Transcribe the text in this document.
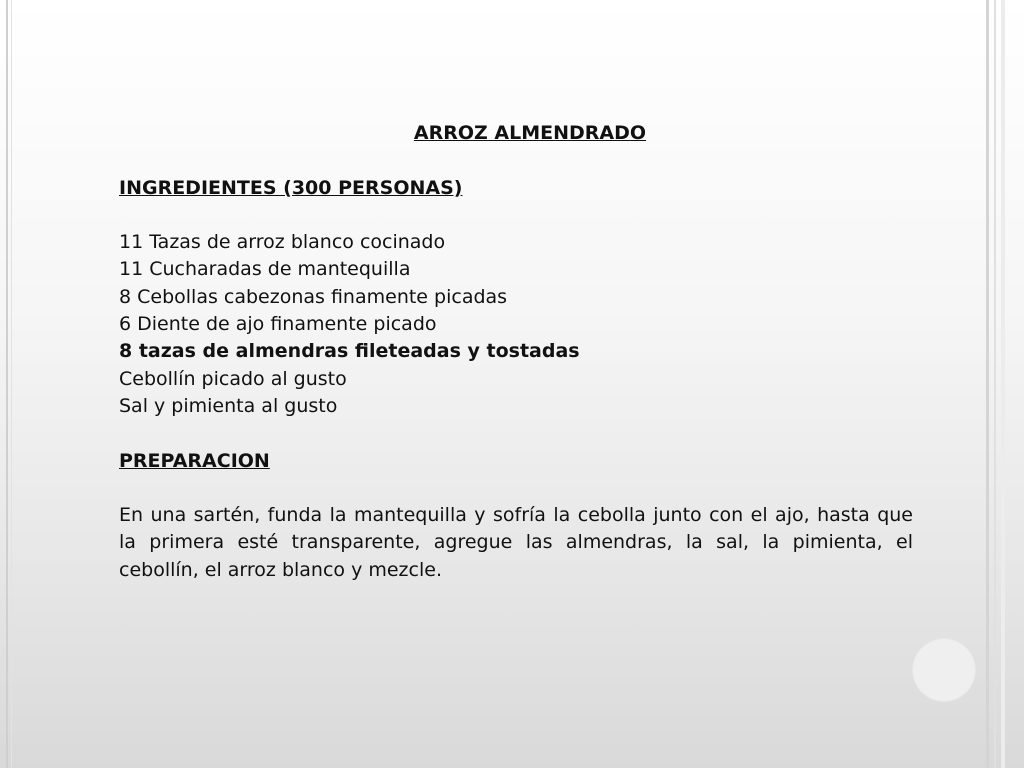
ARROZ ALMENDRADO
INGREDIENTES (300 PERSONAS)
11 Tazas de arroz blanco cocinado
11 Cucharadas de mantequilla
8 Cebollas cabezonas finamente picadas
6 Diente de ajo finamente picado
8 tazas de almendras fileteadas y tostadas
Cebollín picado al gusto
Sal y pimienta al gusto
PREPARACION

En una sartén, funda la mantequilla y sofría la cebolla junto con el ajo, hasta que la primera esté transparente, agregue las almendras, la sal, la pimienta, el cebollín, el arroz blanco y mezcle.
